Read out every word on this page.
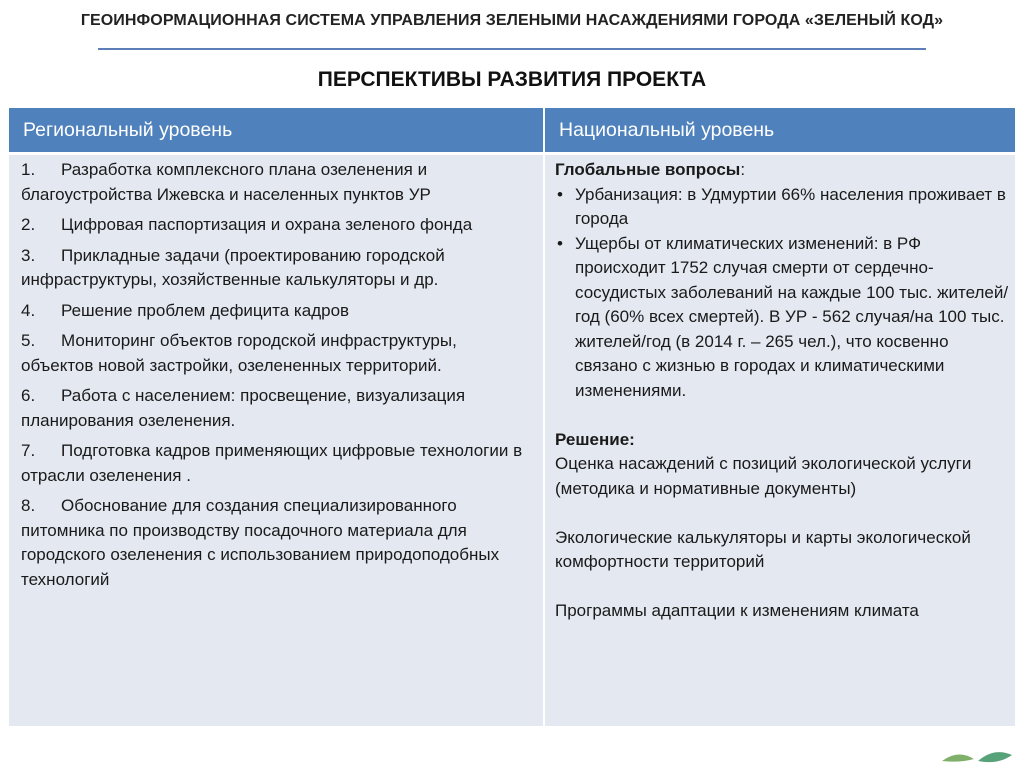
ГЕОИНФОРМАЦИОННАЯ СИСТЕМА УПРАВЛЕНИЯ ЗЕЛЕНЫМИ НАСАЖДЕНИЯМИ ГОРОДА «ЗЕЛЕНЫЙ КОД»
ПЕРСПЕКТИВЫ РАЗВИТИЯ ПРОЕКТА
Региональный уровень	Национальный уровень
1. Разработка комплексного плана озеленения и благоустройства Ижевска и населенных пунктов УР
2. Цифровая паспортизация и охрана зеленого фонда
3. Прикладные задачи (проектированию городской инфраструктуры, хозяйственные калькуляторы и др.
4. Решение проблем дефицита кадров
5. Мониторинг объектов городской инфраструктуры, объектов новой застройки, озелененных территорий.
6. Работа с населением: просвещение, визуализация планирования озеленения.
7. Подготовка кадров применяющих цифровые технологии в отрасли озеленения .
8. Обоснование для создания специализированного питомника по производству посадочного материала для городского озеленения с использованием природоподобных технологий
Глобальные вопросы:
• Урбанизация: в Удмуртии 66% населения проживает в города
• Ущербы от климатических изменений: в РФ происходит 1752 случая смерти от сердечно-сосудистых заболеваний на каждые 100 тыс. жителей/год (60% всех смертей). В УР - 562 случая/на 100 тыс. жителей/год (в 2014 г. – 265 чел.), что косвенно связано с жизнью в городах и климатическими изменениями.
Решение:
Оценка насаждений с позиций экологической услуги (методика и нормативные документы)
Экологические калькуляторы и карты экологической комфортности территорий
Программы адаптации к изменениям климата
